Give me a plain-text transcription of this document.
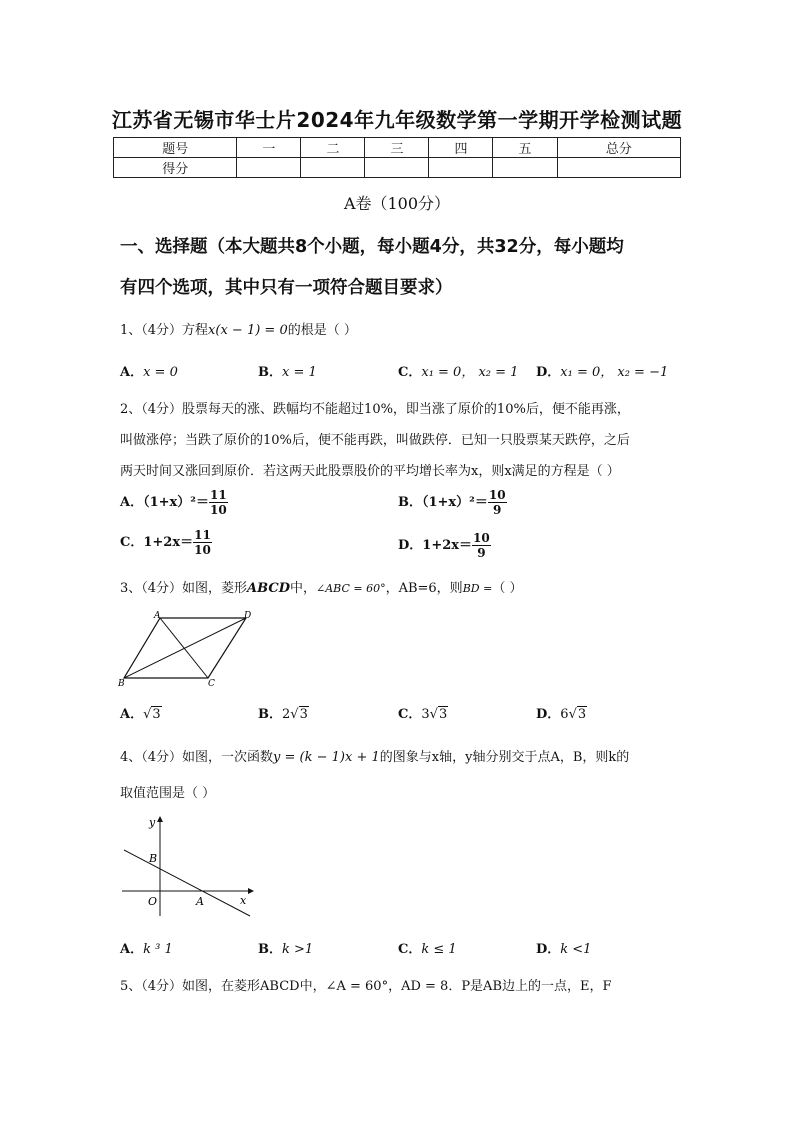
江苏省无锡市华士片2024年九年级数学第一学期开学检测试题
题号	一	二	三	四	五	总分
得分						
A卷（100分）
一、选择题（本大题共8个小题，每小题4分，共32分，每小题均
有四个选项，其中只有一项符合题目要求）
1、（4分）方程x(x − 1) = 0的根是（ ）
A．x = 0	B．x = 1	C．x₁ = 0， x₂ = 1 D．x₁ = 0， x₂ = −1
2、（4分）股票每天的涨、跌幅均不能超过10%，即当涨了原价的10%后，便不能再涨，
叫做涨停；当跌了原价的10%后，便不能再跌，叫做跌停．已知一只股票某天跌停，之后
两天时间又涨回到原价．若这两天此股票股价的平均增长率为x，则x满足的方程是（ ）
A．$(1+x)^2= \frac{11}{10}$	B．$(1+x)^2= \frac{10}{9}$
C．$1+2x= \frac{11}{10}$	D．$1+2x= \frac{10}{9}$
3、（4分）如图，菱形ABCD中，∠ABC = 60°，AB=6，则BD =（ ）
A	D
B	C
A．√3	B．2√3	C．3√3	D．6√3
4、（4分）如图，一次函数y = (k − 1)x + 1的图象与x轴，y轴分别交于点A，B，则k的
取值范围是（ ）
y
x
O	A
B
A．k ³ 1	B．k >1	C．k ≤ 1	D．k <1
5、（4分）如图，在菱形ABCD中，∠A = 60°，AD = 8．P是AB边上的一点，E，F
